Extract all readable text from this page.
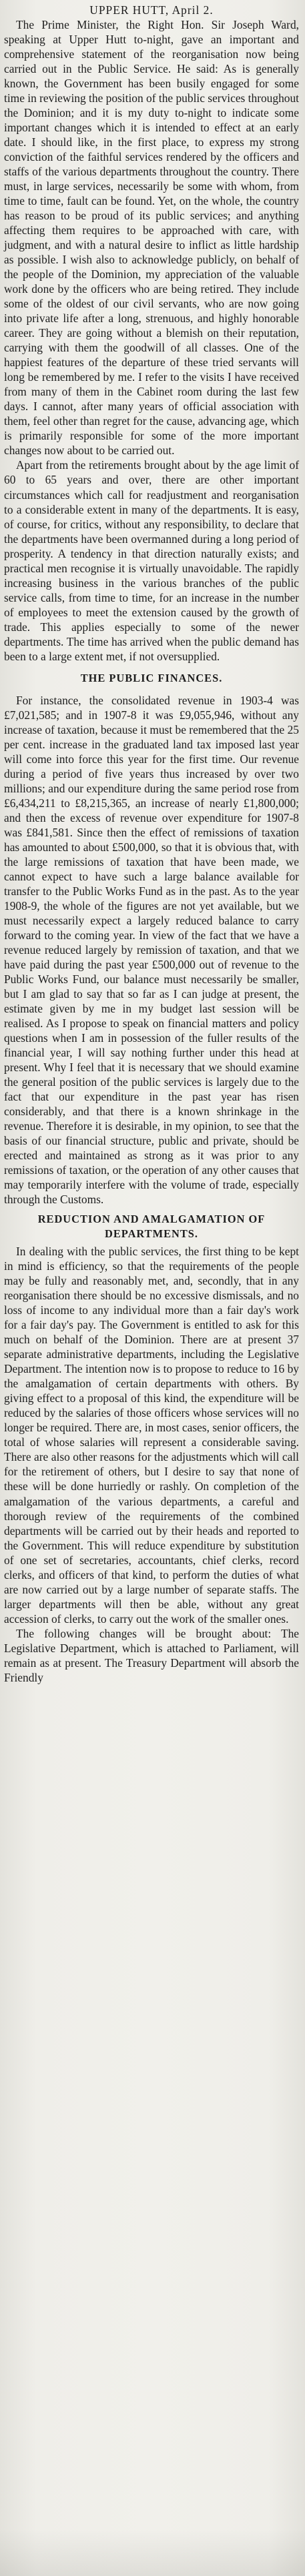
UPPER HUTT, April 2.
The Prime Minister, the Right Hon. Sir Joseph Ward, speaking at Upper Hutt to-night, gave an important and comprehensive statement of the reorganisation now being carried out in the Public Service. He said: As is generally known, the Government has been busily engaged for some time in reviewing the position of the public services throughout the Dominion; and it is my duty to-night to indicate some important changes which it is intended to effect at an early date. I should like, in the first place, to express my strong conviction of the faithful services rendered by the officers and staffs of the various departments throughout the country. There must, in large services, necessarily be some with whom, from time to time, fault can be found. Yet, on the whole, the country has reason to be proud of its public services; and anything affecting them requires to be approached with care, with judgment, and with a natural desire to inflict as little hardship as possible. I wish also to acknowledge publicly, on behalf of the people of the Dominion, my appreciation of the valuable work done by the officers who are being retired. They include some of the oldest of our civil servants, who are now going into private life after a long, strenuous, and highly honorable career. They are going without a blemish on their reputation, carrying with them the goodwill of all classes. One of the happiest features of the departure of these tried servants will long be remembered by me. I refer to the visits I have received from many of them in the Cabinet room during the last few days. I cannot, after many years of official association with them, feel other than regret for the cause, advancing age, which is primarily responsible for some of the more important changes now about to be carried out.
Apart from the retirements brought about by the age limit of 60 to 65 years and over, there are other important circumstances which call for readjustment and reorganisation to a considerable extent in many of the departments. It is easy, of course, for critics, without any responsibility, to declare that the departments have been overmanned during a long period of prosperity. A tendency in that direction naturally exists; and practical men recognise it is virtually unavoidable. The rapidly increasing business in the various branches of the public service calls, from time to time, for an increase in the number of employees to meet the extension caused by the growth of trade. This applies especially to some of the newer departments. The time has arrived when the public demand has been to a large extent met, if not oversupplied.
THE PUBLIC FINANCES.
For instance, the consolidated revenue in 1903-4 was £7,021,585; and in 1907-8 it was £9,055,946, without any increase of taxation, because it must be remembered that the 25 per cent. increase in the graduated land tax imposed last year will come into force this year for the first time. Our revenue during a period of five years thus increased by over two millions; and our expenditure during the same period rose from £6,434,211 to £8,215,365, an increase of nearly £1,800,000; and then the excess of revenue over expenditure for 1907-8 was £841,581. Since then the effect of remissions of taxation has amounted to about £500,000, so that it is obvious that, with the large remissions of taxation that have been made, we cannot expect to have such a large balance available for transfer to the Public Works Fund as in the past. As to the year 1908-9, the whole of the figures are not yet available, but we must necessarily expect a largely reduced balance to carry forward to the coming year. In view of the fact that we have a revenue reduced largely by remission of taxation, and that we have paid during the past year £500,000 out of revenue to the Public Works Fund, our balance must necessarily be smaller, but I am glad to say that so far as I can judge at present, the estimate given by me in my budget last session will be realised. As I propose to speak on financial matters and policy questions when I am in possession of the fuller results of the financial year, I will say nothing further under this head at present. Why I feel that it is necessary that we should examine the general position of the public services is largely due to the fact that our expenditure in the past year has risen considerably, and that there is a known shrinkage in the revenue. Therefore it is desirable, in my opinion, to see that the basis of our financial structure, public and private, should be erected and maintained as strong as it was prior to any remissions of taxation, or the operation of any other causes that may temporarily interfere with the volume of trade, especially through the Customs.
REDUCTION AND AMALGAMATION OF DEPARTMENTS.
In dealing with the public services, the first thing to be kept in mind is efficiency, so that the requirements of the people may be fully and reasonably met, and, secondly, that in any reorganisation there should be no excessive dismissals, and no loss of income to any individual more than a fair day's work for a fair day's pay. The Government is entitled to ask for this much on behalf of the Dominion. There are at present 37 separate administrative departments, including the Legislative Department. The intention now is to propose to reduce to 16 by the amalgamation of certain departments with others. By giving effect to a proposal of this kind, the expenditure will be reduced by the salaries of those officers whose services will no longer be required. There are, in most cases, senior officers, the total of whose salaries will represent a considerable saving. There are also other reasons for the adjustments which will call for the retirement of others, but I desire to say that none of these will be done hurriedly or rashly. On completion of the amalgamation of the various departments, a careful and thorough review of the requirements of the combined departments will be carried out by their heads and reported to the Government. This will reduce expenditure by substitution of one set of secretaries, accountants, chief clerks, record clerks, and officers of that kind, to perform the duties of what are now carried out by a large number of separate staffs. The larger departments will then be able, without any great accession of clerks, to carry out the work of the smaller ones.
The following changes will be brought about: The Legislative Department, which is attached to Parliament, will remain as at present. The Treasury Department will absorb the Friendly
